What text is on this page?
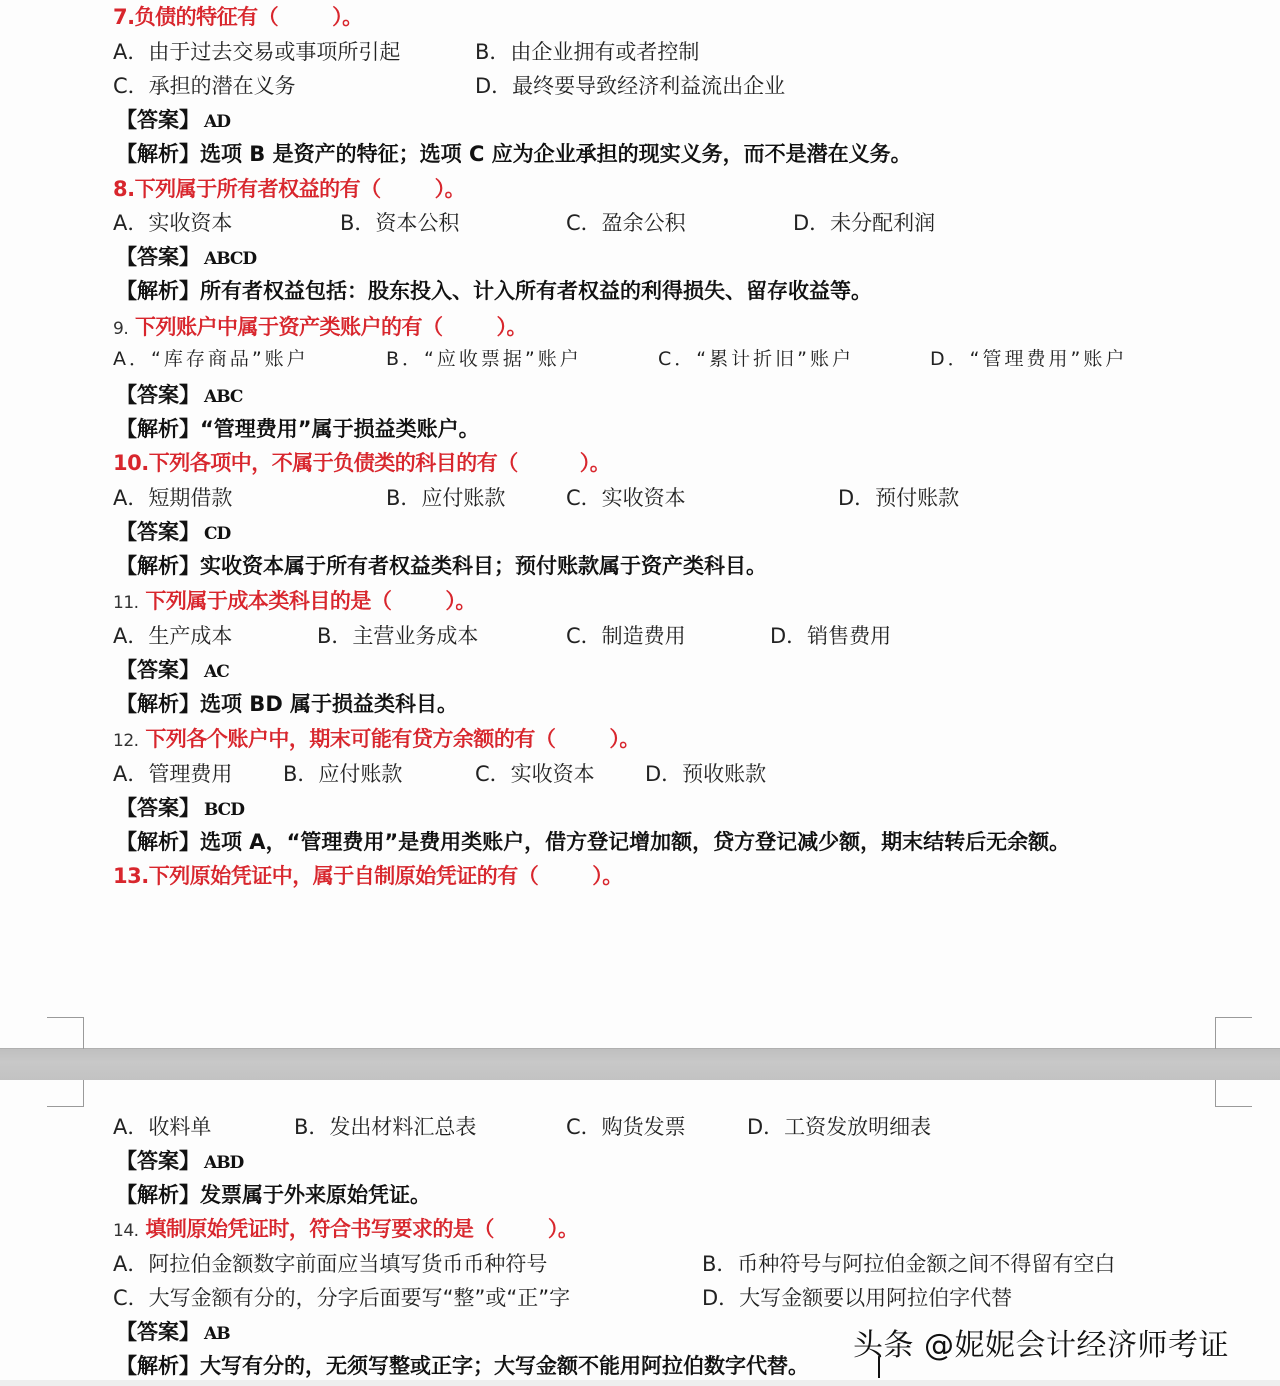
7.负债的特征有（	）。
A．由于过去交易或事项所引起	B．由企业拥有或者控制
C．承担的潜在义务	D．最终要导致经济利益流出企业
【答案】 AD
【解析】选项 B 是资产的特征；选项 C 应为企业承担的现实义务，而不是潜在义务。
8.下列属于所有者权益的有（	）。
A．实收资本	B．资本公积	C．盈余公积	D．未分配利润
【答案】 ABCD
【解析】所有者权益包括：股东投入、计入所有者权益的利得损失、留存收益等。
9. 下列账户中属于资产类账户的有（	）。
A．“库存商品”账户	B．“应收票据”账户	C．“累计折旧”账户	D．“管理费用”账户
【答案】 ABC
【解析】“管理费用”属于损益类账户。
10.下列各项中，不属于负债类的科目的有（	）。
A．短期借款	B．应付账款	C．实收资本	D．预付账款
【答案】 CD
【解析】实收资本属于所有者权益类科目；预付账款属于资产类科目。
11. 下列属于成本类科目的是（	）。
A．生产成本	B．主营业务成本	C．制造费用	D．销售费用
【答案】 AC
【解析】选项 BD 属于损益类科目。
12. 下列各个账户中，期末可能有贷方余额的有（	）。
A．管理费用 B．应付账款	C．实收资本 D．预收账款
【答案】 BCD
【解析】选项 A，“管理费用”是费用类账户，借方登记增加额，贷方登记减少额，期末结转后无余额。
13.下列原始凭证中，属于自制原始凭证的有（	）。
A．收料单	B．发出材料汇总表	C．购货发票	D．工资发放明细表
【答案】 ABD
【解析】发票属于外来原始凭证。
14. 填制原始凭证时，符合书写要求的是（	）。
A．阿拉伯金额数字前面应当填写货币币种符号	B．币种符号与阿拉伯金额之间不得留有空白
C．大写金额有分的，分字后面要写“整”或“正”字	D．大写金额要以用阿拉伯字代替
【答案】 AB
【解析】大写有分的，无须写整或正字；大写金额不能用阿拉伯数字代替。
头条 @妮妮会计经济师考证
